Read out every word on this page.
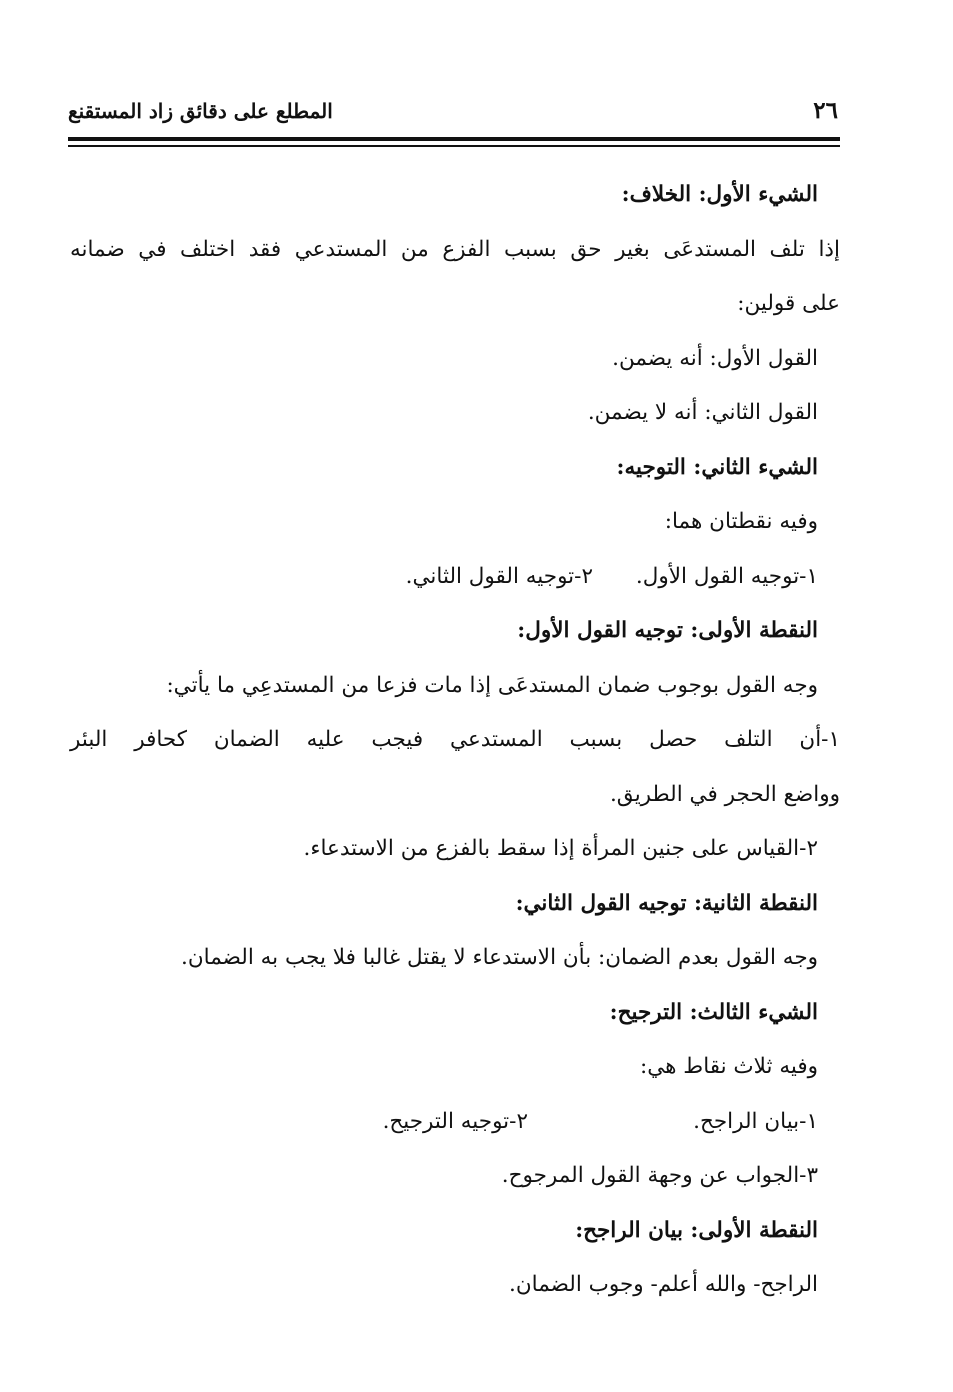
٢٦
المطلع على دقائق زاد المستقنع
الشيء الأول: الخلاف:
إذا تلف المستدعَى بغير حق بسبب الفزع من المستدعي فقد اختلف في ضمانه
على قولين:
القول الأول: أنه يضمن.
القول الثاني: أنه لا يضمن.
الشيء الثاني: التوجيه:
وفيه نقطتان هما:
١-توجيه القول الأول.
٢-توجيه القول الثاني.
النقطة الأولى: توجيه القول الأول:
وجه القول بوجوب ضمان المستدعَى إذا مات فزعا من المستدعِي ما يأتي:
١-أن التلف حصل بسبب المستدعي فيجب عليه الضمان كحافر البئر
وواضع الحجر في الطريق.
٢-القياس على جنين المرأة إذا سقط بالفزع من الاستدعاء.
النقطة الثانية: توجيه القول الثاني:
وجه القول بعدم الضمان: بأن الاستدعاء لا يقتل غالبا فلا يجب به الضمان.
الشيء الثالث: الترجيح:
وفيه ثلاث نقاط هي:
١-بيان الراجح.
٢-توجيه الترجيح.
٣-الجواب عن وجهة القول المرجوح.
النقطة الأولى: بيان الراجح:
الراجح- والله أعلم- وجوب الضمان.
